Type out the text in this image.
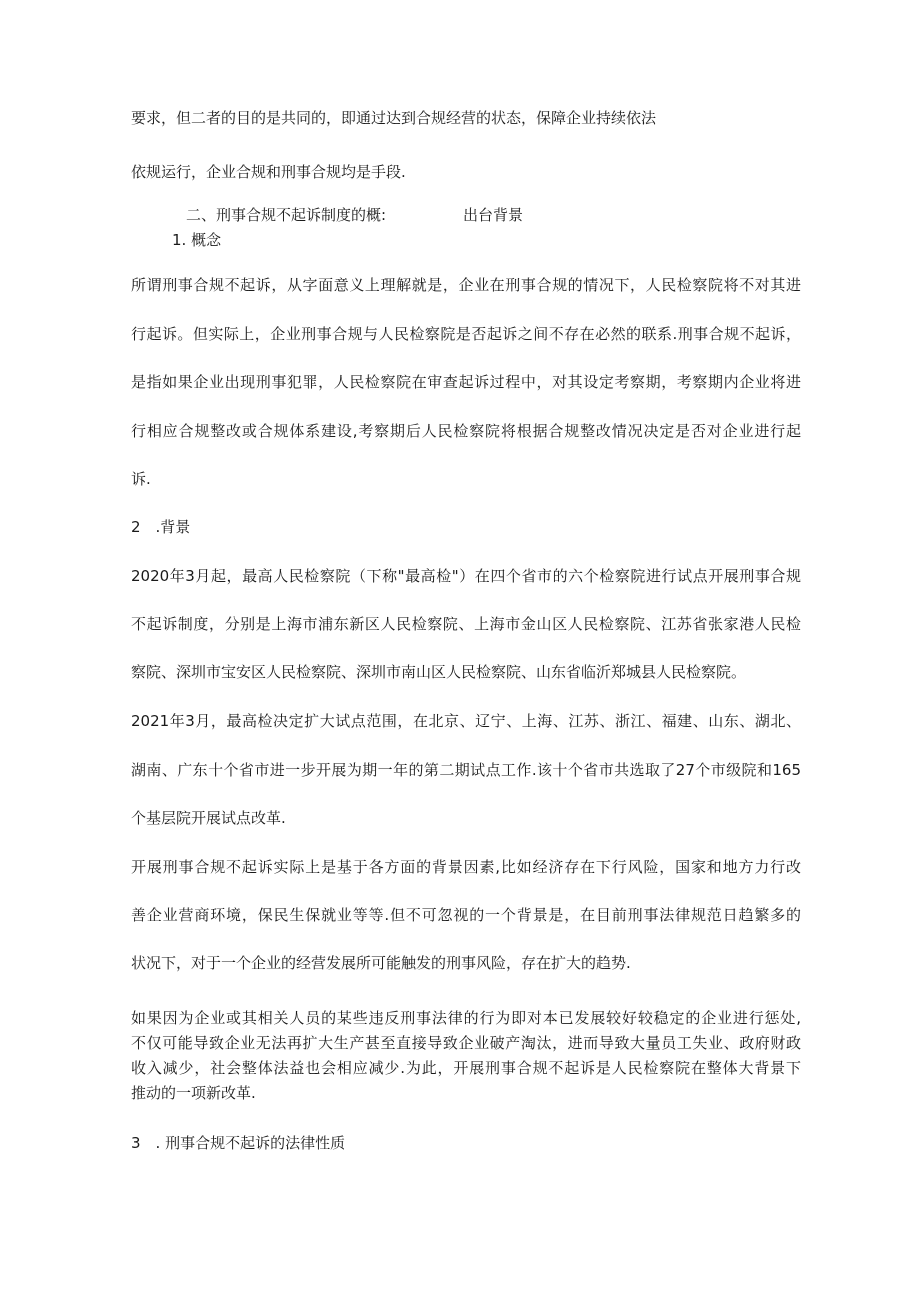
要求，但二者的目的是共同的，即通过达到合规经营的状态，保障企业持续依法
依规运行，企业合规和刑事合规均是手段.
二、刑事合规不起诉制度的概:	出台背景
1. 概念
所谓刑事合规不起诉，从字面意义上理解就是，企业在刑事合规的情况下，人民检察院将不对其进
行起诉。但实际上，企业刑事合规与人民检察院是否起诉之间不存在必然的联系.刑事合规不起诉，
是指如果企业出现刑事犯罪，人民检察院在审查起诉过程中，对其设定考察期，考察期内企业将进
行相应合规整改或合规体系建设,考察期后人民检察院将根据合规整改情况决定是否对企业进行起
诉.
2　.背景
2020年3月起，最高人民检察院（下称"最高检"）在四个省市的六个检察院进行试点开展刑事合规
不起诉制度，分别是上海市浦东新区人民检察院、上海市金山区人民检察院、江苏省张家港人民检
察院、深圳市宝安区人民检察院、深圳市南山区人民检察院、山东省临沂郑城县人民检察院。
2021年3月，最高检决定扩大试点范围，在北京、辽宁、上海、江苏、浙江、福建、山东、湖北、
湖南、广东十个省市进一步开展为期一年的第二期试点工作.该十个省市共选取了27个市级院和165
个基层院开展试点改革.
开展刑事合规不起诉实际上是基于各方面的背景因素,比如经济存在下行风险，国家和地方力行改
善企业营商环境，保民生保就业等等.但不可忽视的一个背景是，在目前刑事法律规范日趋繁多的
状况下，对于一个企业的经营发展所可能触发的刑事风险，存在扩大的趋势.
如果因为企业或其相关人员的某些违反刑事法律的行为即对本已发展较好较稳定的企业进行惩处,
不仅可能导致企业无法再扩大生产甚至直接导致企业破产淘汰，进而导致大量员工失业、政府财政
收入减少，社会整体法益也会相应减少.为此，开展刑事合规不起诉是人民检察院在整体大背景下
推动的一项新改革.
3　. 刑事合规不起诉的法律性质
